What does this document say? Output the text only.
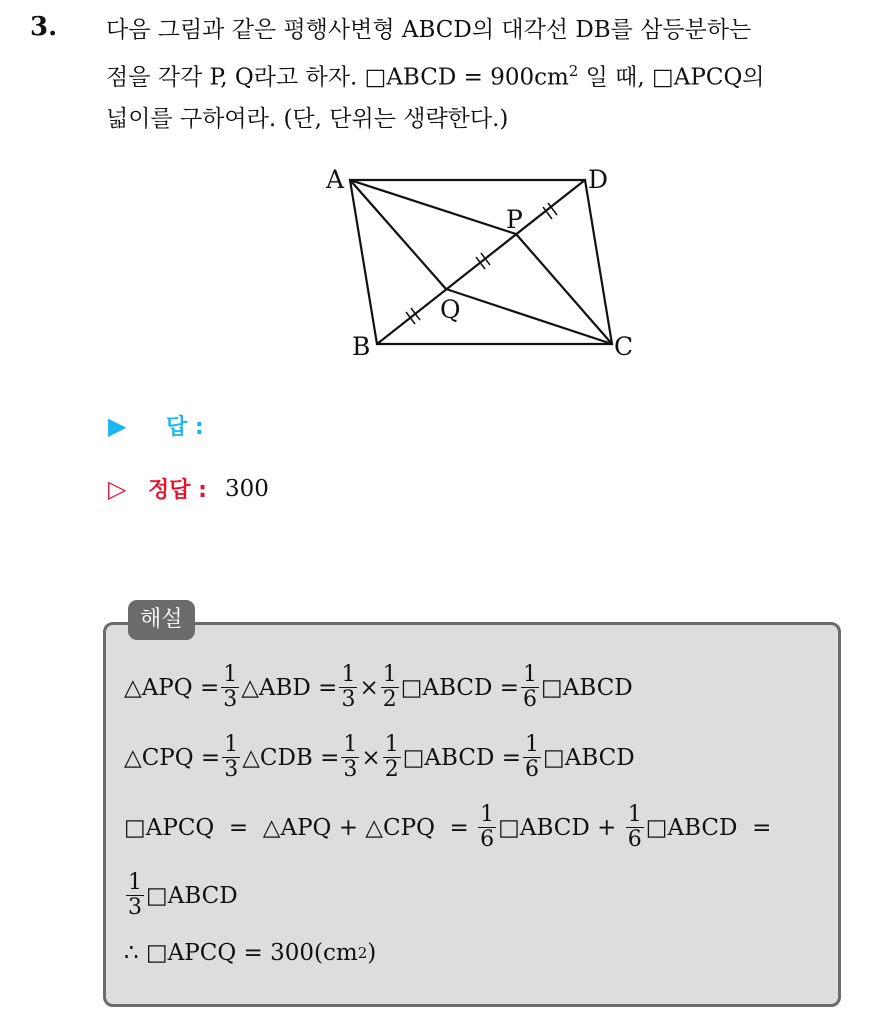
3. 다음 그림과 같은 평행사변형 ABCD의 대각선 DB를 삼등분하는

점을 각각 P, Q라고 하자. □ABCD = $900cm^2$ 일 때, □APCQ의

넓이를 구하여라. (단, 단위는 생략한다.)

A	D
P
Q
B	C
▶	답 :
▷ 정답 : 300
해설
△APQ = $\frac{1}{3}$ △ABD = $\frac{1}{3} \times \frac{1}{2}$ □ABCD = $\frac{1}{6}$ □ABCD
△CPQ = $\frac{1}{3}$ △CDB = $\frac{1}{3} \times \frac{1}{2}$ □ABCD = $\frac{1}{6}$ □ABCD
□APCQ  =  △APQ + △CPQ  = $\frac{1}{6}$ □ABCD + $\frac{1}{6}$ □ABCD  =
$\frac{1}{3}$ □ABCD
∴ □APCQ = 300(cm 2 )
